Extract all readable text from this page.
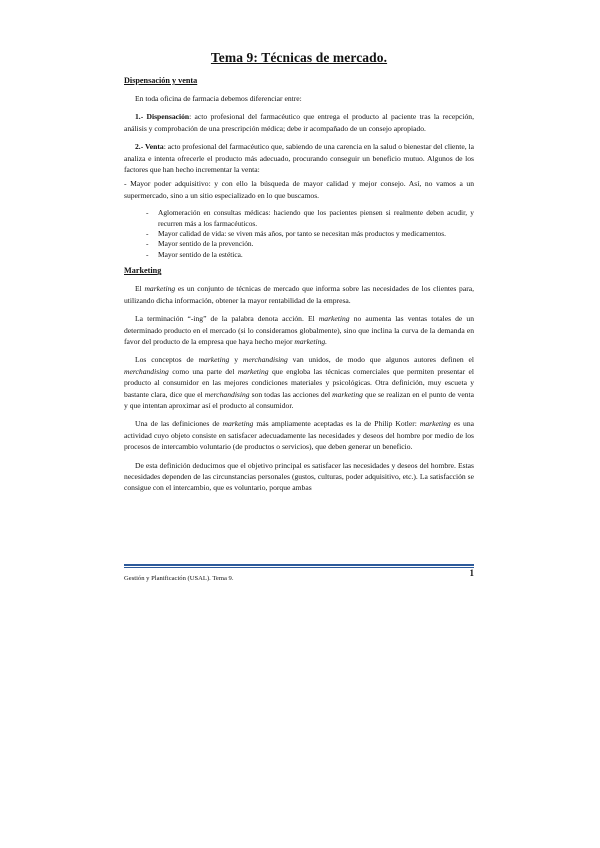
Tema 9: Técnicas de mercado.
Dispensación y venta

En toda oficina de farmacia debemos diferenciar entre:

1.- Dispensación: acto profesional del farmacéutico que entrega el producto al paciente tras la recepción, análisis y comprobación de una prescripción médica; debe ir acompañado de un consejo apropiado.

2.- Venta: acto profesional del farmacéutico que, sabiendo de una carencia en la salud o bienestar del cliente, la analiza e intenta ofrecerle el producto más adecuado, procurando conseguir un beneficio mutuo. Algunos de los factores que han hecho incrementar la venta:

- Mayor poder adquisitivo: y con ello la búsqueda de mayor calidad y mejor consejo. Así, no vamos a un supermercado, sino a un sitio especializado en lo que buscamos.

- Aglomeración en consultas médicas: haciendo que los pacientes piensen si realmente deben acudir, y recurren más a los farmacéuticos.
- Mayor calidad de vida: se viven más años, por tanto se necesitan más productos y medicamentos.
- Mayor sentido de la prevención.
- Mayor sentido de la estética.
Marketing

El marketing es un conjunto de técnicas de mercado que informa sobre las necesidades de los clientes para, utilizando dicha información, obtener la mayor rentabilidad de la empresa.

La terminación “-ing” de la palabra denota acción. El marketing no aumenta las ventas totales de un determinado producto en el mercado (si lo consideramos globalmente), sino que inclina la curva de la demanda en favor del producto de la empresa que haya hecho mejor marketing.

Los conceptos de marketing y merchandising van unidos, de modo que algunos autores definen el merchandising como una parte del marketing que engloba las técnicas comerciales que permiten presentar el producto al consumidor en las mejores condiciones materiales y psicológicas. Otra definición, muy escueta y bastante clara, dice que el merchandising son todas las acciones del marketing que se realizan en el punto de venta y que intentan aproximar así el producto al consumidor.

Una de las definiciones de marketing más ampliamente aceptadas es la de Philip Kotler: marketing es una actividad cuyo objeto consiste en satisfacer adecuadamente las necesidades y deseos del hombre por medio de los procesos de intercambio voluntario (de productos o servicios), que deben generar un beneficio.

De esta definición deducimos que el objetivo principal es satisfacer las necesidades y deseos del hombre. Estas necesidades dependen de las circunstancias personales (gustos, culturas, poder adquisitivo, etc.). La satisfacción se consigue con el intercambio, que es voluntario, porque ambas

1
Gestión y Planificación (USAL). Tema 9.
